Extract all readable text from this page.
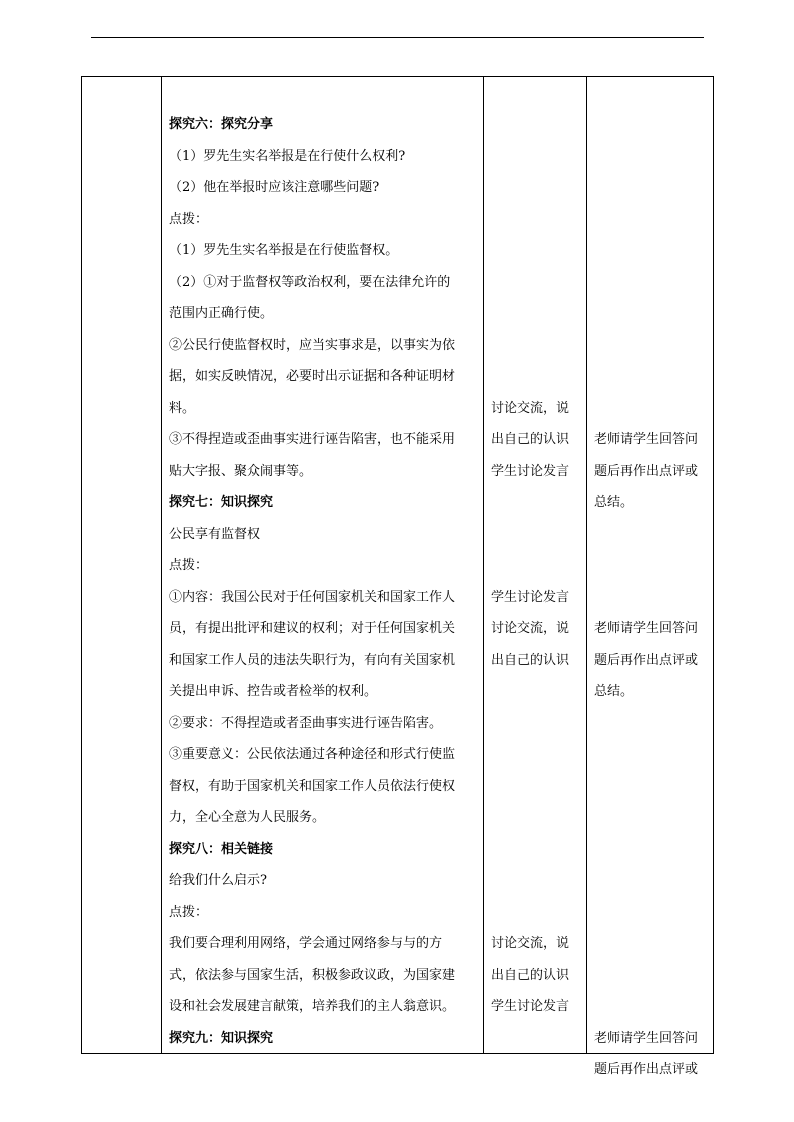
探究六：探究分享
（1）罗先生实名举报是在行使什么权利?
（2）他在举报时应该注意哪些问题?
点拨：
（1）罗先生实名举报是在行使监督权。
（2）①对于监督权等政治权利，要在法律允许的
范围内正确行使。
②公民行使监督权时，应当实事求是，以事实为依
据，如实反映情况，必要时出示证据和各种证明材
料。
③不得捏造或歪曲事实进行诬告陷害，也不能采用
贴大字报、聚众闹事等。
探究七：知识探究
公民享有监督权
点拨：
①内容：我国公民对于任何国家机关和国家工作人
员，有提出批评和建议的权利；对于任何国家机关
和国家工作人员的违法失职行为，有向有关国家机
关提出申诉、控告或者检举的权利。
②要求：不得捏造或者歪曲事实进行诬告陷害。
③重要意义：公民依法通过各种途径和形式行使监
督权，有助于国家机关和国家工作人员依法行使权
力，全心全意为人民服务。
探究八：相关链接
给我们什么启示?
点拨：
我们要合理利用网络，学会通过网络参与与的方
式，依法参与国家生活，积极参政议政，为国家建
设和社会发展建言献策，培养我们的主人翁意识。
探究九：知识探究
讨论交流，说
出自己的认识
学生讨论发言
学生讨论发言
讨论交流，说
出自己的认识
讨论交流，说
出自己的认识
学生讨论发言
老师请学生回答问
题后再作出点评或
总结。
老师请学生回答问
题后再作出点评或
总结。
老师请学生回答问
题后再作出点评或
